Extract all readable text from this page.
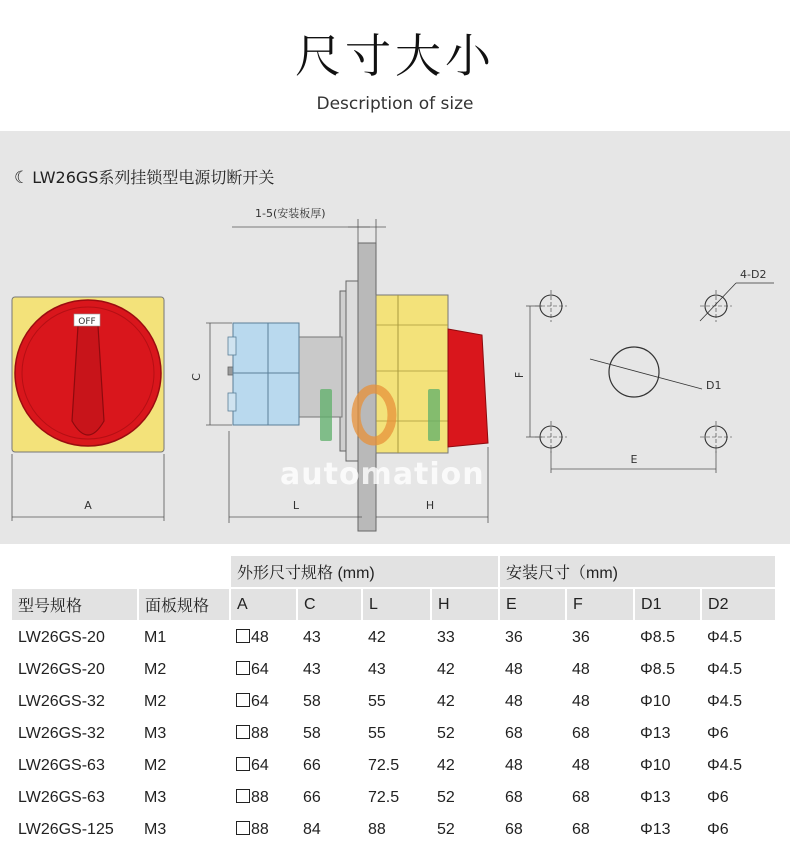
尺寸大小
Description of size
OFF
A
1-5(安装板厚)
C
L	H
D1
4-D2
F
E
☾ LW26GS系列挂锁型电源切断开关
automation
		外形尺寸规格 (mm)				安装尺寸（mm)			
型号规格	面板规格	A	C	L	H	E	F	D1	D2
LW26GS-20	M1	48	43	42	33	36	36	Φ8.5	Φ4.5
LW26GS-20	M2	64	43	43	42	48	48	Φ8.5	Φ4.5
LW26GS-32	M2	64	58	55	42	48	48	Φ10	Φ4.5
LW26GS-32	M3	88	58	55	52	68	68	Φ13	Φ6
LW26GS-63	M2	64	66	72.5	42	48	48	Φ10	Φ4.5
LW26GS-63	M3	88	66	72.5	52	68	68	Φ13	Φ6
LW26GS-125	M3	88	84	88	52	68	68	Φ13	Φ6
